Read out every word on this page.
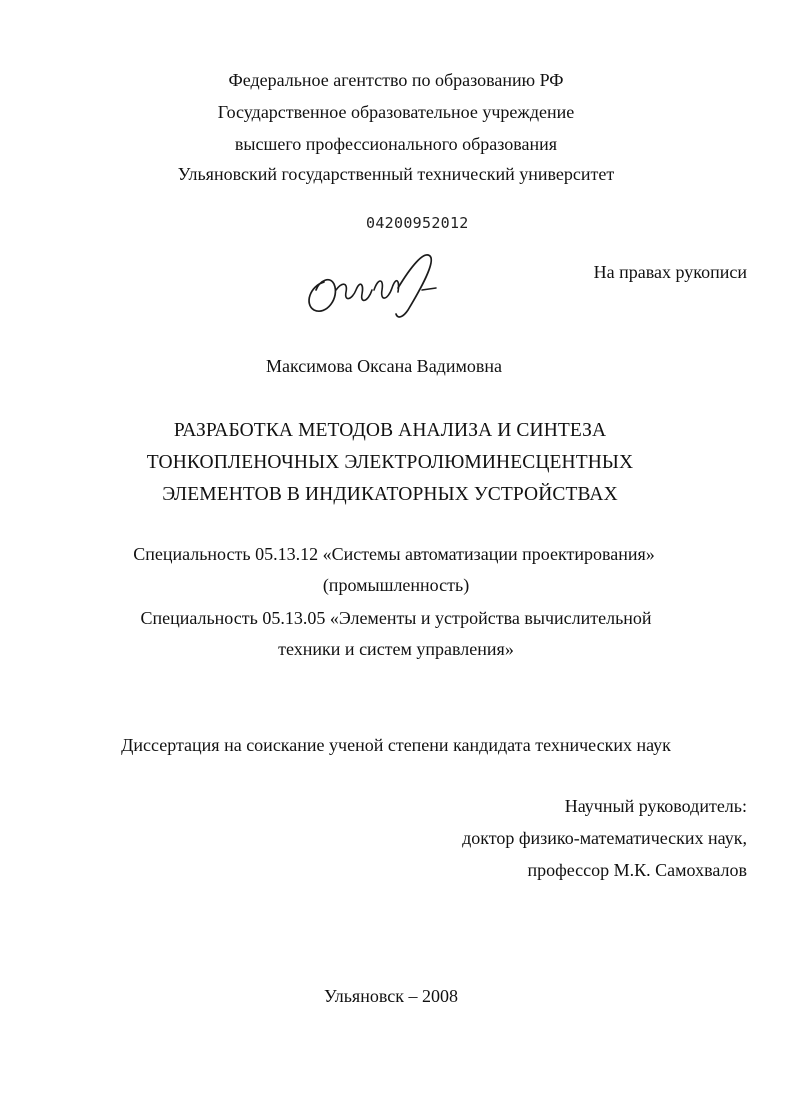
Федеральное агентство по образованию РФ
Государственное образовательное учреждение
высшего профессионального образования
Ульяновский государственный технический университет
04200952012
На правах рукописи
Максимова Оксана Вадимовна
РАЗРАБОТКА МЕТОДОВ АНАЛИЗА И СИНТЕЗА
ТОНКОПЛЕНОЧНЫХ ЭЛЕКТРОЛЮМИНЕСЦЕНТНЫХ
ЭЛЕМЕНТОВ В ИНДИКАТОРНЫХ УСТРОЙСТВАХ
Специальность 05.13.12 «Системы автоматизации проектирования»
(промышленность)
Специальность 05.13.05 «Элементы и устройства вычислительной
техники и систем управления»
Диссертация на соискание ученой степени кандидата технических наук
Научный руководитель:
доктор физико-математических наук,
профессор М.К. Самохвалов
Ульяновск – 2008
